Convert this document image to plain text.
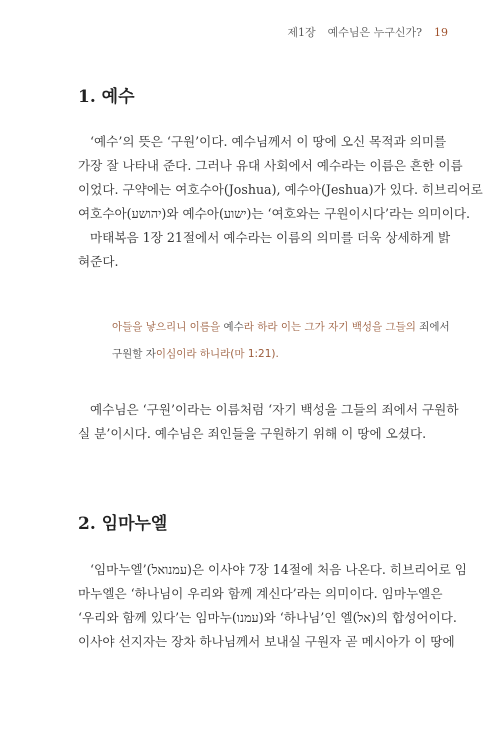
제1장 예수님은 누구신가? 19
1. 예수

‘예수’의 뜻은 ‘구원’이다. 예수님께서 이 땅에 오신 목적과 의미를
가장 잘 나타내 준다. 그러나 유대 사회에서 예수라는 이름은 흔한 이름
이었다. 구약에는 여호수아(Joshua), 예수아(Jeshua)가 있다. 히브리어로
여호수아(יהושע)와 예수아(ישוע)는 ‘여호와는 구원이시다’라는 의미이다.
마태복음 1장 21절에서 예수라는 이름의 의미를 더욱 상세하게 밝
혀준다.

아들을 낳으리니 이름을 예수라 하라 이는 그가 자기 백성을 그들의 죄에서
구원할 자이심이라 하니라(마 1:21).

예수님은 ‘구원’이라는 이름처럼 ‘자기 백성을 그들의 죄에서 구원하
실 분’이시다. 예수님은 죄인들을 구원하기 위해 이 땅에 오셨다.

2. 임마누엘

‘임마누엘’(עמנואל)은 이사야 7장 14절에 처음 나온다. 히브리어로 임
마누엘은 ‘하나님이 우리와 함께 계신다’라는 의미이다. 임마누엘은
‘우리와 함께 있다’는 임마누(עמנו)와 ‘하나님’인 엘(אל)의 합성어이다.
이사야 선지자는 장차 하나님께서 보내실 구원자 곧 메시아가 이 땅에
